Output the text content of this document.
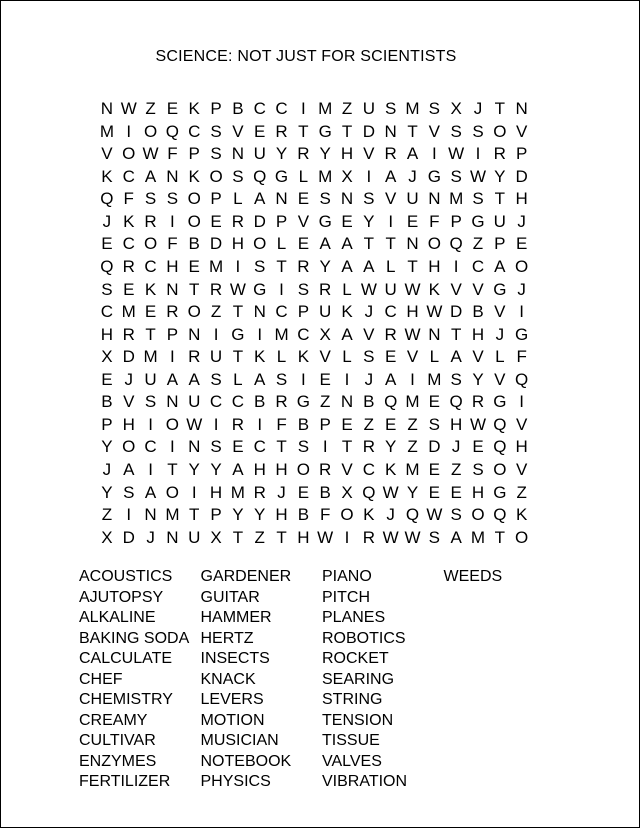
SCIENCE: NOT JUST FOR SCIENTISTS
N W Z E K P B C C I M Z U S M S X J T N
M I O Q C S V E R T G T D N T V S S O V
V O W F P S N U Y R Y H V R A I W I R P
K C A N K O S Q G L M X I A J G S W Y D
Q F S S O P L A N E S N S V U N M S T H
J K R I O E R D P V G E Y I E F P G U J
E C O F B D H O L E A A T T N O Q Z P E
Q R C H E M I S T R Y A A L T H I C A O
S E K N T R W G I S R L W U W K V V G J
C M E R O Z T N C P U K J C H W D B V I
H R T P N I G I M C X A V R W N T H J G
X D M I R U T K L K V L S E V L A V L F
E J U A A S L A S I E I J A I M S Y V Q
B V S N U C C B R G Z N B Q M E Q R G I
P H I O W I R I F B P E Z E Z S H W Q V
Y O C I N S E C T S I T R Y Z D J E Q H
J A I T Y Y A H H O R V C K M E Z S O V
Y S A O I H M R J E B X Q W Y E E H G Z
Z I N M T P Y Y H B F O K J Q W S O Q K
X D J N U X T Z T H W I R W W S A M T O
ACOUSTICS
AJUTOPSY
ALKALINE
BAKING SODA
CALCULATE
CHEF
CHEMISTRY
CREAMY
CULTIVAR
ENZYMES
FERTILIZER
GARDENER
GUITAR
HAMMER
HERTZ
INSECTS
KNACK
LEVERS
MOTION
MUSICIAN
NOTEBOOK
PHYSICS
PIANO
PITCH
PLANES
ROBOTICS
ROCKET
SEARING
STRING
TENSION
TISSUE
VALVES
VIBRATION
WEEDS
